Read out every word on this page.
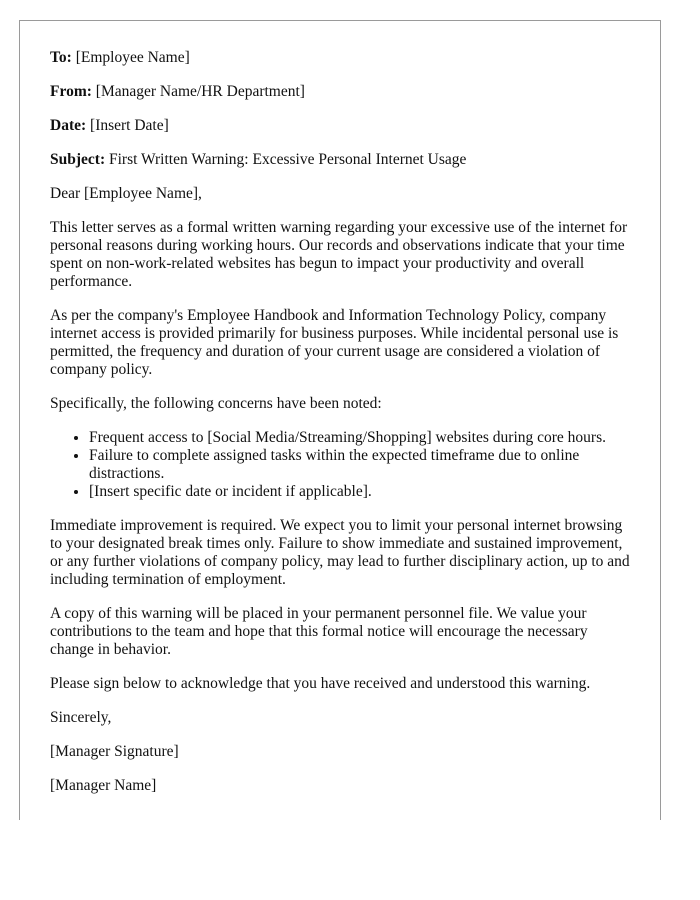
To: [Employee Name]

From: [Manager Name/HR Department]

Date: [Insert Date]

Subject: First Written Warning: Excessive Personal Internet Usage

Dear [Employee Name],

This letter serves as a formal written warning regarding your excessive use of the internet for personal reasons during working hours. Our records and observations indicate that your time spent on non-work-related websites has begun to impact your productivity and overall performance.

As per the company's Employee Handbook and Information Technology Policy, company internet access is provided primarily for business purposes. While incidental personal use is permitted, the frequency and duration of your current usage are considered a violation of company policy.

Specifically, the following concerns have been noted:

• Frequent access to [Social Media/Streaming/Shopping] websites during core hours.
• Failure to complete assigned tasks within the expected timeframe due to online distractions.
• [Insert specific date or incident if applicable].

Immediate improvement is required. We expect you to limit your personal internet browsing to your designated break times only. Failure to show immediate and sustained improvement, or any further violations of company policy, may lead to further disciplinary action, up to and including termination of employment.

A copy of this warning will be placed in your permanent personnel file. We value your contributions to the team and hope that this formal notice will encourage the necessary change in behavior.

Please sign below to acknowledge that you have received and understood this warning.

Sincerely,

[Manager Signature]

[Manager Name]
